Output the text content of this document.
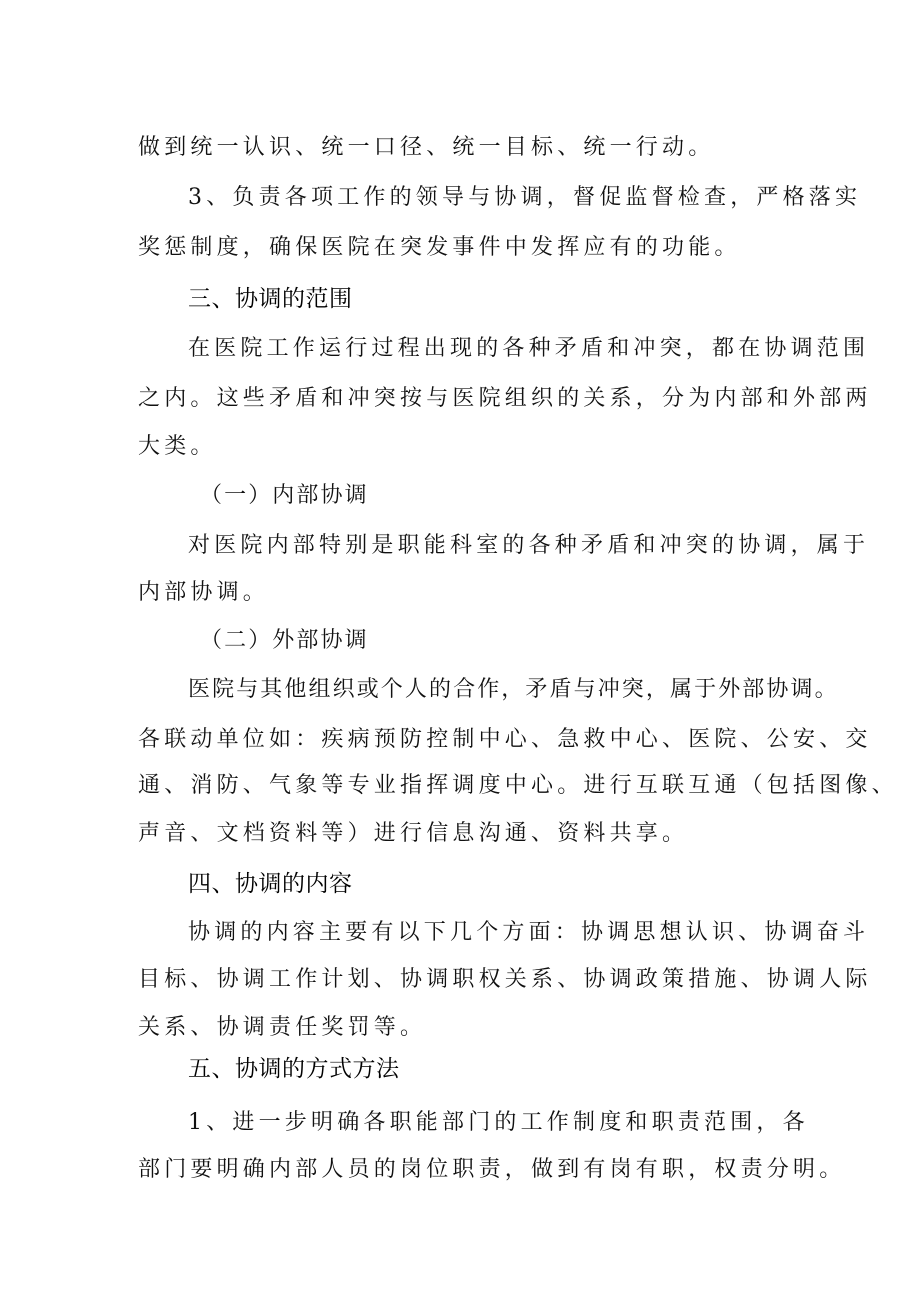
做到统一认识、统一口径、统一目标、统一行动。
3、负责各项工作的领导与协调，督促监督检查，严格落实
奖惩制度，确保医院在突发事件中发挥应有的功能。
三、协调的范围
在医院工作运行过程出现的各种矛盾和冲突，都在协调范围
之内。这些矛盾和冲突按与医院组织的关系，分为内部和外部两
大类。
（一）内部协调
对医院内部特别是职能科室的各种矛盾和冲突的协调，属于
内部协调。
（二）外部协调
医院与其他组织或个人的合作，矛盾与冲突，属于外部协调。
各联动单位如：疾病预防控制中心、急救中心、医院、公安、交
通、消防、气象等专业指挥调度中心。进行互联互通（包括图像、
声音、文档资料等）进行信息沟通、资料共享。
四、协调的内容
协调的内容主要有以下几个方面：协调思想认识、协调奋斗
目标、协调工作计划、协调职权关系、协调政策措施、协调人际
关系、协调责任奖罚等。
五、协调的方式方法
1、进一步明确各职能部门的工作制度和职责范围，各
部门要明确内部人员的岗位职责，做到有岗有职，权责分明。
